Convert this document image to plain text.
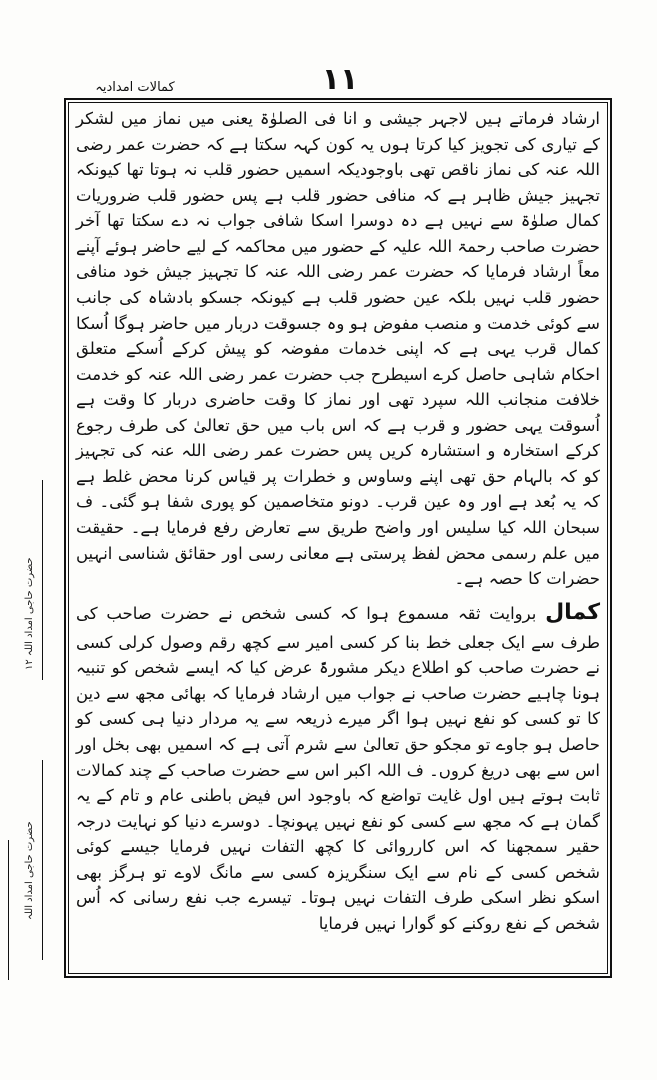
۱۱
کمالات امدادیہ

ارشاد فرماتے ہیں لاجہر جیشی و انا فی الصلوٰۃ یعنی میں نماز میں لشکر کے تیاری کی تجویز کیا کرتا ہوں یہ کون کہہ سکتا ہے کہ حضرت عمر رضی اللہ عنہ کی نماز ناقص تھی باوجودیکہ اسمیں حضور قلب نہ ہوتا تھا کیونکہ تجہیز جیش ظاہر ہے کہ منافی حضور قلب ہے پس حضور قلب ضروریات کمال صلوٰۃ سے نہیں ہے دہ دوسرا اسکا شافی جواب نہ دے سکتا تھا آخر حضرت صاحب رحمۃ اللہ علیہ کے حضور میں محاکمہ کے لیے حاضر ہوئے آپنے معاً ارشاد فرمایا کہ حضرت عمر رضی اللہ عنہ کا تجہیز جیش خود منافی حضور قلب نہیں بلکہ عین حضور قلب ہے کیونکہ جسکو بادشاہ کی جانب سے کوئی خدمت و منصب مفوض ہو وہ جسوقت دربار میں حاضر ہوگا اُسکا کمال قرب یہی ہے کہ اپنی خدمات مفوضہ کو پیش کرکے اُسکے متعلق احکام شاہی حاصل کرے اسیطرح جب حضرت عمر رضی اللہ عنہ کو خدمت خلافت منجانب اللہ سپرد تھی اور نماز کا وقت حاضری دربار کا وقت ہے اُسوقت یہی حضور و قرب ہے کہ اس باب میں حق تعالیٰ کی طرف رجوع کرکے استخارہ و استشارہ کریں پس حضرت عمر رضی اللہ عنہ کی تجہیز کو کہ بالہام حق تھی اپنے وساوس و خطرات پر قیاس کرنا محض غلط ہے کہ یہ بُعد ہے اور وہ عین قرب۔ دونو متخاصمین کو پوری شفا ہو گئی۔ ف سبحان اللہ کیا سلیس اور واضح طریق سے تعارض رفع فرمایا ہے۔ حقیقت میں علم رسمی محض لفظ پرستی ہے معانی رسی اور حقائق شناسی انہیں حضرات کا حصہ ہے۔

کمال بروایت ثقہ مسموع ہوا کہ کسی شخص نے حضرت صاحب کی طرف سے ایک جعلی خط بنا کر کسی امیر سے کچھ رقم وصول کرلی کسی نے حضرت صاحب کو اطلاع دیکر مشورۃً عرض کیا کہ ایسے شخص کو تنبیہ ہونا چاہیے حضرت صاحب نے جواب میں ارشاد فرمایا کہ بھائی مجھ سے دین کا تو کسی کو نفع نہیں ہوا اگر میرے ذریعہ سے یہ مردار دنیا ہی کسی کو حاصل ہو جاوے تو مجکو حق تعالیٰ سے شرم آتی ہے کہ اسمیں بھی بخل اور اس سے بھی دریغ کروں۔ ف اللہ اکبر اس سے حضرت صاحب کے چند کمالات ثابت ہوتے ہیں اول غایت تواضع کہ باوجود اس فیض باطنی عام و تام کے یہ گمان ہے کہ مجھ سے کسی کو نفع نہیں پہونچا۔ دوسرے دنیا کو نہایت درجہ حقیر سمجھنا کہ اس کارروائی کا کچھ التفات نہیں فرمایا جیسے کوئی شخص کسی کے نام سے ایک سنگریزہ کسی سے مانگ لاوے تو ہرگز بھی اسکو نظر اسکی طرف التفات نہیں ہوتا۔ تیسرے جب نفع رسانی کہ اُس شخص کے نفع روکنے کو گوارا نہیں فرمایا

۱۲ حضرت حاجی امداد اللہ
حضرت حاجی امداد اللہ
